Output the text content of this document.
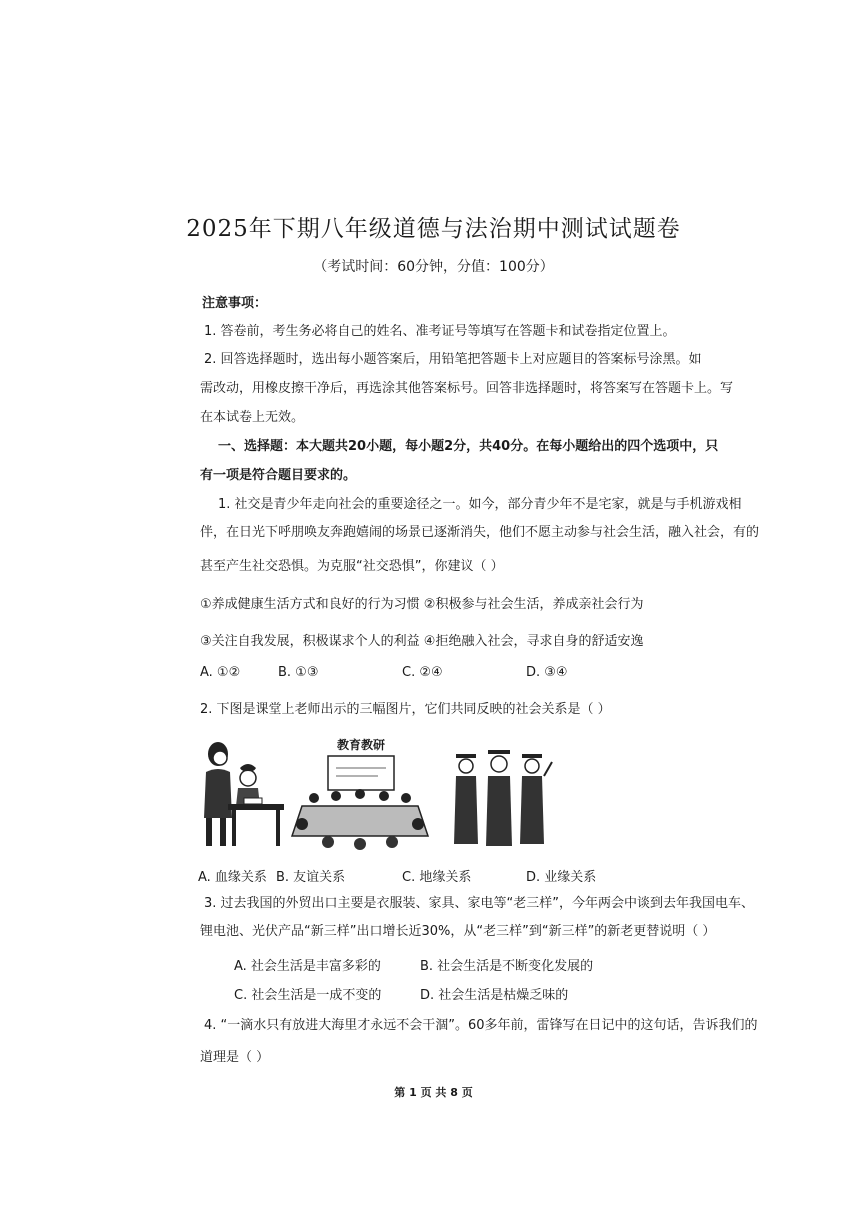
2025年下期八年级道德与法治期中测试试题卷
（考试时间：60分钟，分值：100分）
注意事项：
1. 答卷前，考生务必将自己的姓名、准考证号等填写在答题卡和试卷指定位置上。
2. 回答选择题时，选出每小题答案后，用铅笔把答题卡上对应题目的答案标号涂黑。如
需改动，用橡皮擦干净后，再选涂其他答案标号。回答非选择题时，将答案写在答题卡上。写
在本试卷上无效。
一、选择题：本大题共20小题，每小题2分，共40分。在每小题给出的四个选项中，只
有一项是符合题目要求的。
1. 社交是青少年走向社会的重要途径之一。如今，部分青少年不是宅家，就是与手机游戏相
伴，在日光下呼朋唤友奔跑嬉闹的场景已逐渐消失，他们不愿主动参与社会生活，融入社会，有的
甚至产生社交恐惧。为克服“社交恐惧”，你建议（ ）
①养成健康生活方式和良好的行为习惯 ②积极参与社会生活，养成亲社会行为
③关注自我发展，积极谋求个人的利益 ④拒绝融入社会，寻求自身的舒适安逸
A. ①②	B. ①③	C. ②④	D. ③④
2. 下图是课堂上老师出示的三幅图片，它们共同反映的社会关系是（ ）
教育教研
A. 血缘关系 B. 友谊关系	C. 地缘关系	D. 业缘关系
3. 过去我国的外贸出口主要是衣服装、家具、家电等“老三样”，今年两会中谈到去年我国电车、
锂电池、光伏产品“新三样”出口增长近30%，从“老三样”到“新三样”的新老更替说明（ ）
A. 社会生活是丰富多彩的	B. 社会生活是不断变化发展的
C. 社会生活是一成不变的	D. 社会生活是枯燥乏味的
4. “一滴水只有放进大海里才永远不会干涸”。60多年前，雷锋写在日记中的这句话，告诉我们的
道理是（ ）
第 1 页 共 8 页
